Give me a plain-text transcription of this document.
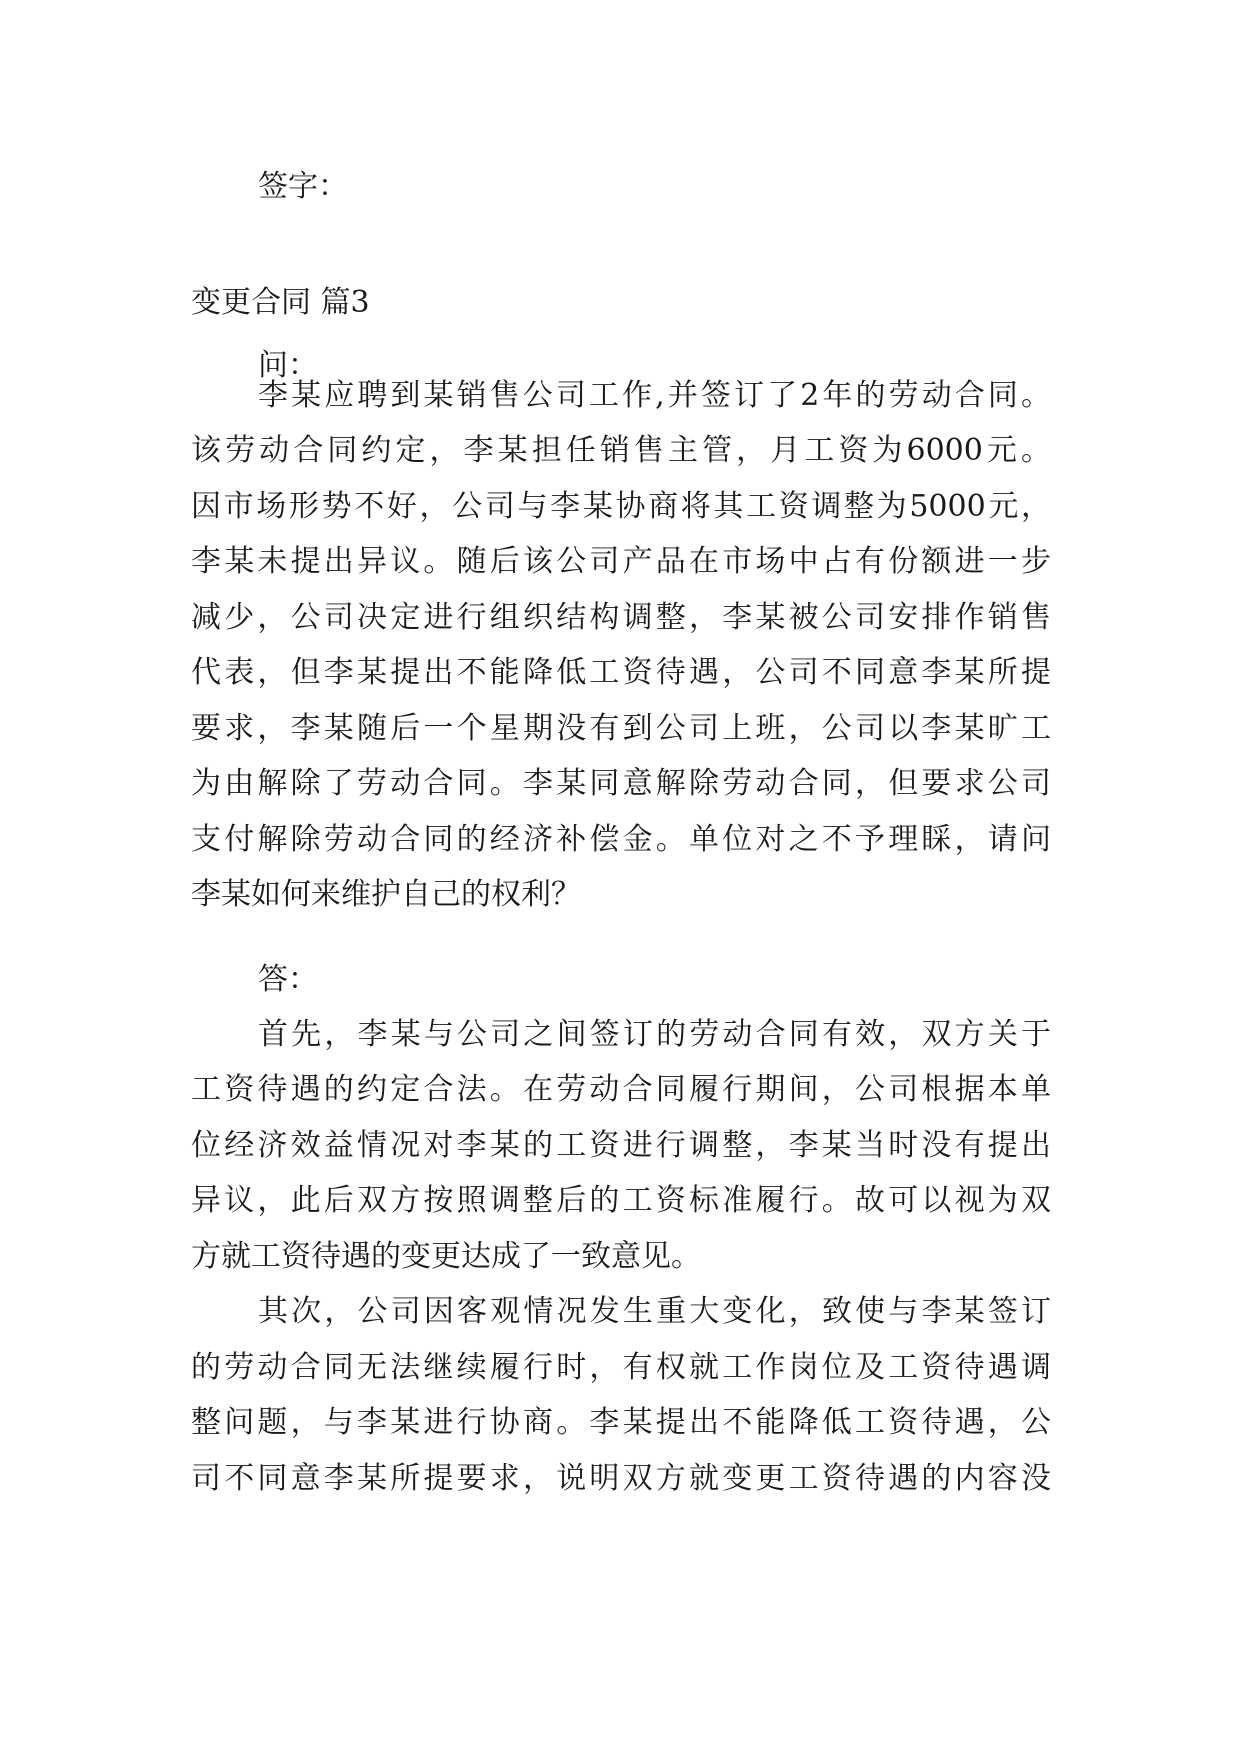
签字：
变更合同 篇3
问：
李某应聘到某销售公司工作,并签订了2年的劳动合同。
该劳动合同约定，李某担任销售主管，月工资为6000元。
因市场形势不好，公司与李某协商将其工资调整为5000元，
李某未提出异议。随后该公司产品在市场中占有份额进一步
减少，公司决定进行组织结构调整，李某被公司安排作销售
代表，但李某提出不能降低工资待遇，公司不同意李某所提
要求，李某随后一个星期没有到公司上班，公司以李某旷工
为由解除了劳动合同。李某同意解除劳动合同，但要求公司
支付解除劳动合同的经济补偿金。单位对之不予理睬，请问
李某如何来维护自己的权利？
答：
首先，李某与公司之间签订的劳动合同有效，双方关于
工资待遇的约定合法。在劳动合同履行期间，公司根据本单
位经济效益情况对李某的工资进行调整，李某当时没有提出
异议，此后双方按照调整后的工资标准履行。故可以视为双
方就工资待遇的变更达成了一致意见。
其次，公司因客观情况发生重大变化，致使与李某签订
的劳动合同无法继续履行时，有权就工作岗位及工资待遇调
整问题，与李某进行协商。李某提出不能降低工资待遇，公
司不同意李某所提要求，说明双方就变更工资待遇的内容没
